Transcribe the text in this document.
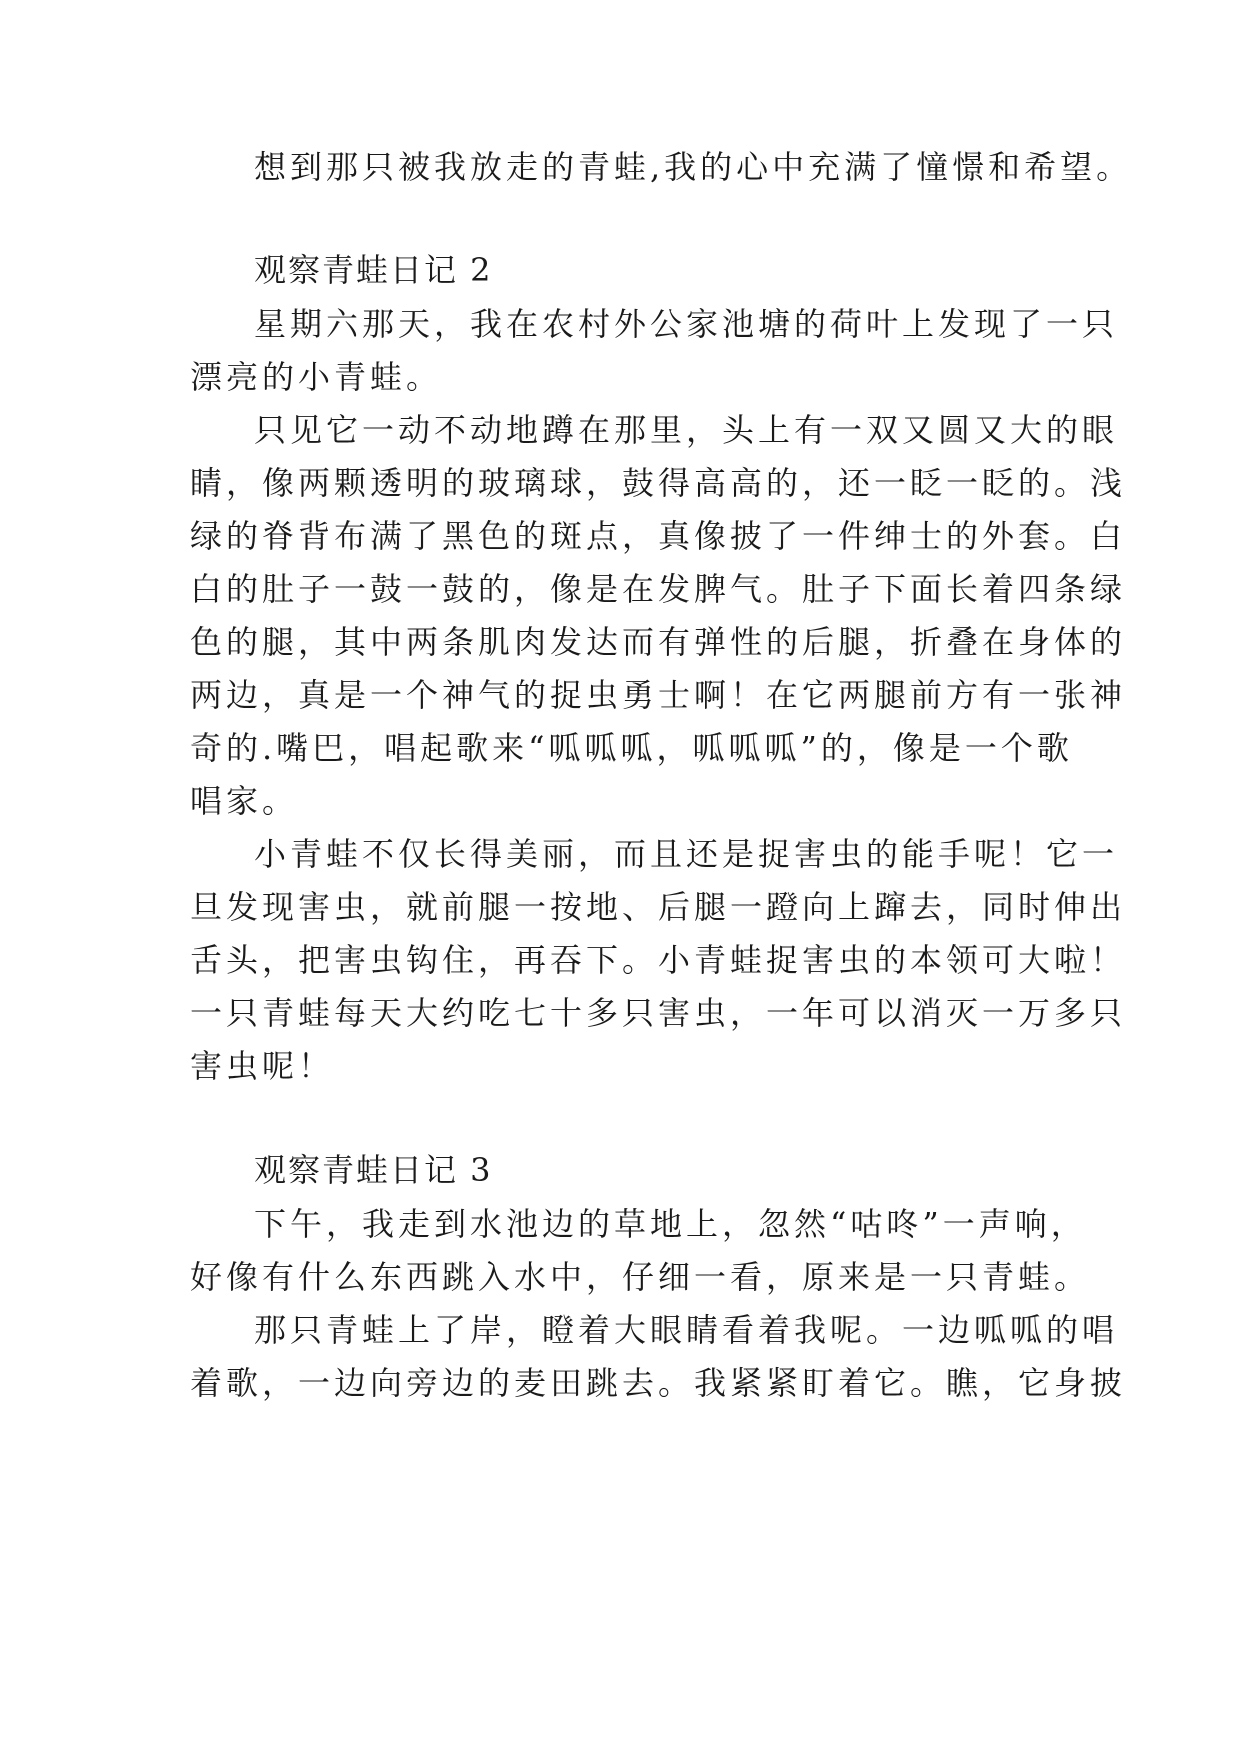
想到那只被我放走的青蛙,我的心中充满了憧憬和希望。
观察青蛙日记 2
星期六那天，我在农村外公家池塘的荷叶上发现了一只
漂亮的小青蛙。
只见它一动不动地蹲在那里，头上有一双又圆又大的眼
睛，像两颗透明的玻璃球，鼓得高高的，还一眨一眨的。浅
绿的脊背布满了黑色的斑点，真像披了一件绅士的外套。白
白的肚子一鼓一鼓的，像是在发脾气。肚子下面长着四条绿
色的腿，其中两条肌肉发达而有弹性的后腿，折叠在身体的
两边，真是一个神气的捉虫勇士啊！在它两腿前方有一张神
奇的.嘴巴，唱起歌来“呱呱呱，呱呱呱”的，像是一个歌
唱家。
小青蛙不仅长得美丽，而且还是捉害虫的能手呢！它一
旦发现害虫，就前腿一按地、后腿一蹬向上蹿去，同时伸出
舌头，把害虫钩住，再吞下。小青蛙捉害虫的本领可大啦！
一只青蛙每天大约吃七十多只害虫，一年可以消灭一万多只
害虫呢！
观察青蛙日记 3
下午，我走到水池边的草地上，忽然“咕咚”一声响，
好像有什么东西跳入水中，仔细一看，原来是一只青蛙。
那只青蛙上了岸，瞪着大眼睛看着我呢。一边呱呱的唱
着歌，一边向旁边的麦田跳去。我紧紧盯着它。瞧，它身披
